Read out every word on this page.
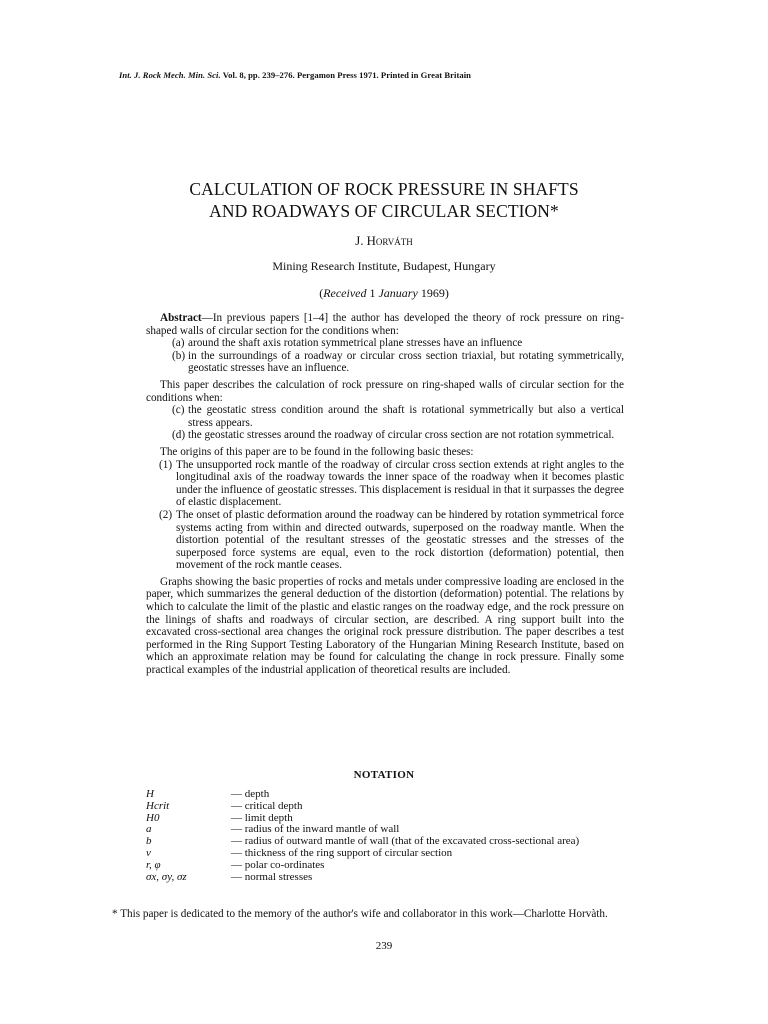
Int. J. Rock Mech. Min. Sci. Vol. 8, pp. 239–276. Pergamon Press 1971. Printed in Great Britain
CALCULATION OF ROCK PRESSURE IN SHAFTS
AND ROADWAYS OF CIRCULAR SECTION*
J. Horváth
Mining Research Institute, Budapest, Hungary
(Received 1 January 1969)

Abstract—In previous papers [1–4] the author has developed the theory of rock pressure on ring-shaped walls of circular section for the conditions when:

(a) around the shaft axis rotation symmetrical plane stresses have an influence
(b) in the surroundings of a roadway or circular cross section triaxial, but rotating symmetrically, geostatic stresses have an influence.

This paper describes the calculation of rock pressure on ring-shaped walls of circular section for the conditions when:

(c) the geostatic stress condition around the shaft is rotational symmetrically but also a vertical stress appears.
(d) the geostatic stresses around the roadway of circular cross section are not rotation symmetrical.

The origins of this paper are to be found in the following basic theses:

(1) The unsupported rock mantle of the roadway of circular cross section extends at right angles to the longitudinal axis of the roadway towards the inner space of the roadway when it becomes plastic under the influence of geostatic stresses. This displacement is residual in that it surpasses the degree of elastic displacement.
(2) The onset of plastic deformation around the roadway can be hindered by rotation symmetrical force systems acting from within and directed outwards, superposed on the roadway mantle. When the distortion potential of the resultant stresses of the geostatic stresses and the stresses of the superposed force systems are equal, even to the rock distortion (deformation) potential, then movement of the rock mantle ceases.

Graphs showing the basic properties of rocks and metals under compressive loading are enclosed in the paper, which summarizes the general deduction of the distortion (deformation) potential. The relations by which to calculate the limit of the plastic and elastic ranges on the roadway edge, and the rock pressure on the linings of shafts and roadways of circular section, are described. A ring support built into the excavated cross-sectional area changes the original rock pressure distribution. The paper describes a test performed in the Ring Support Testing Laboratory of the Hungarian Mining Research Institute, based on which an approximate relation may be found for calculating the change in rock pressure. Finally some practical examples of the industrial application of theoretical results are included.

NOTATION
H	— depth
Hcrit	— critical depth
H0	— limit depth
a	— radius of the inward mantle of wall
b	— radius of outward mantle of wall (that of the excavated cross-sectional area)
v	— thickness of the ring support of circular section
r, φ	— polar co-ordinates
σx, σy, σz	— normal stresses
* This paper is dedicated to the memory of the author's wife and collaborator in this work—Charlotte Horvàth.
239
